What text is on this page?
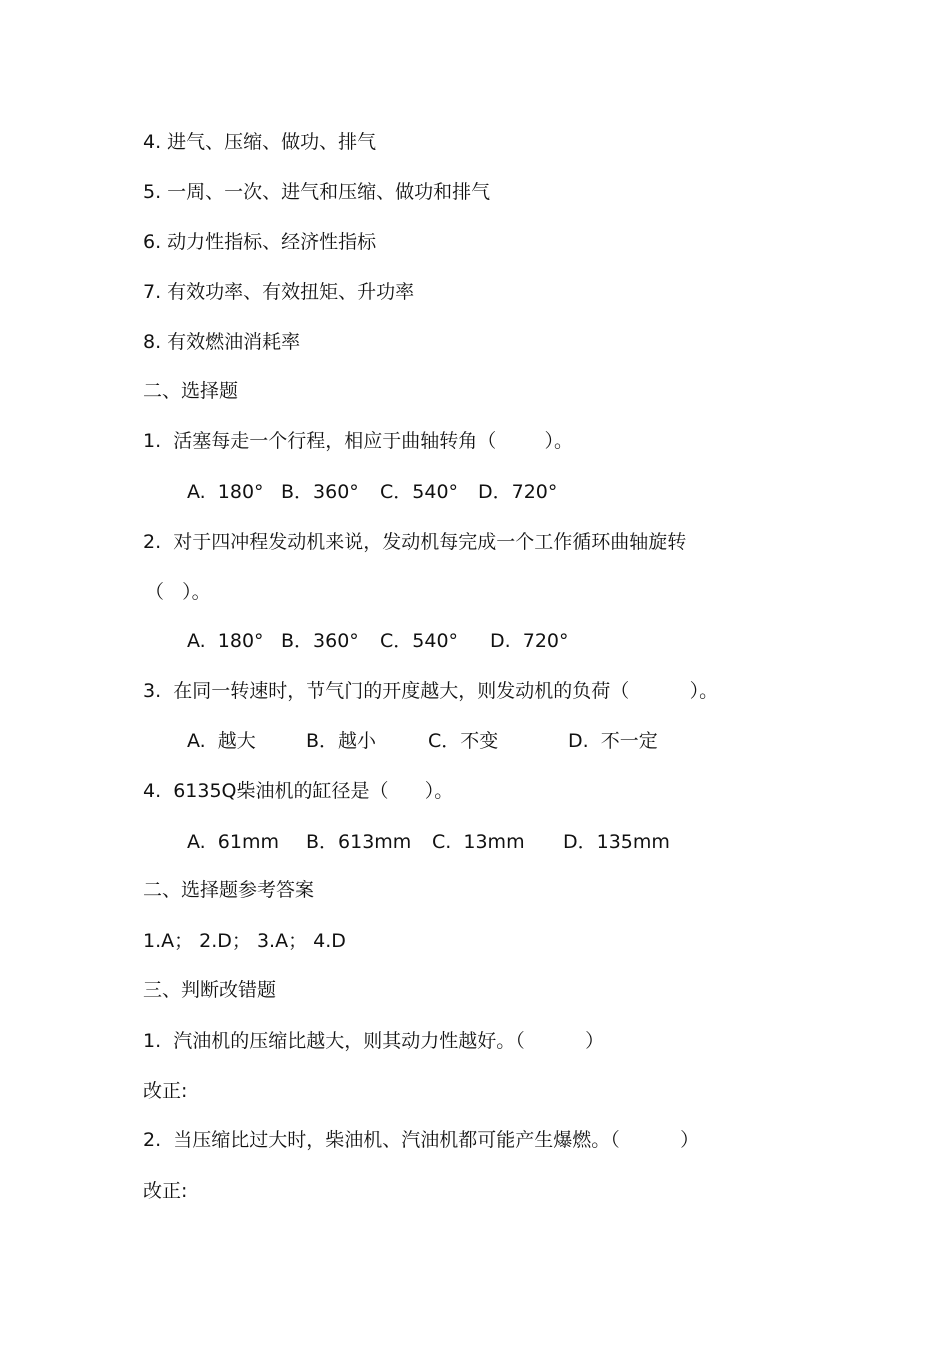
4. 进气、压缩、做功、排气
5. 一周、一次、进气和压缩、做功和排气
6. 动力性指标、经济性指标
7. 有效功率、有效扭矩、升功率
8. 有效燃油消耗率
二、选择题
1.  活塞每走一个行程，相应于曲轴转角（        ）。
A.  180° B．360° C．540° D．720°
2.  对于四冲程发动机来说，发动机每完成一个工作循环曲轴旋转
（   ）。
A.  180° B．360° C．540° D.  720°
3.  在同一转速时，节气门的开度越大，则发动机的负荷（          ）。
A.  越大	B．越小	C．不变	D.  不一定
4.  6135Q柴油机的缸径是（      ）。
A.  61mm B．613mm C.  13mm D．135mm
二、选择题参考答案
1.A； 2.D； 3.A； 4.D
三、判断改错题
1.  汽油机的压缩比越大，则其动力性越好。（          ）
改正:
2.  当压缩比过大时，柴油机、汽油机都可能产生爆燃。（          ）
改正:
